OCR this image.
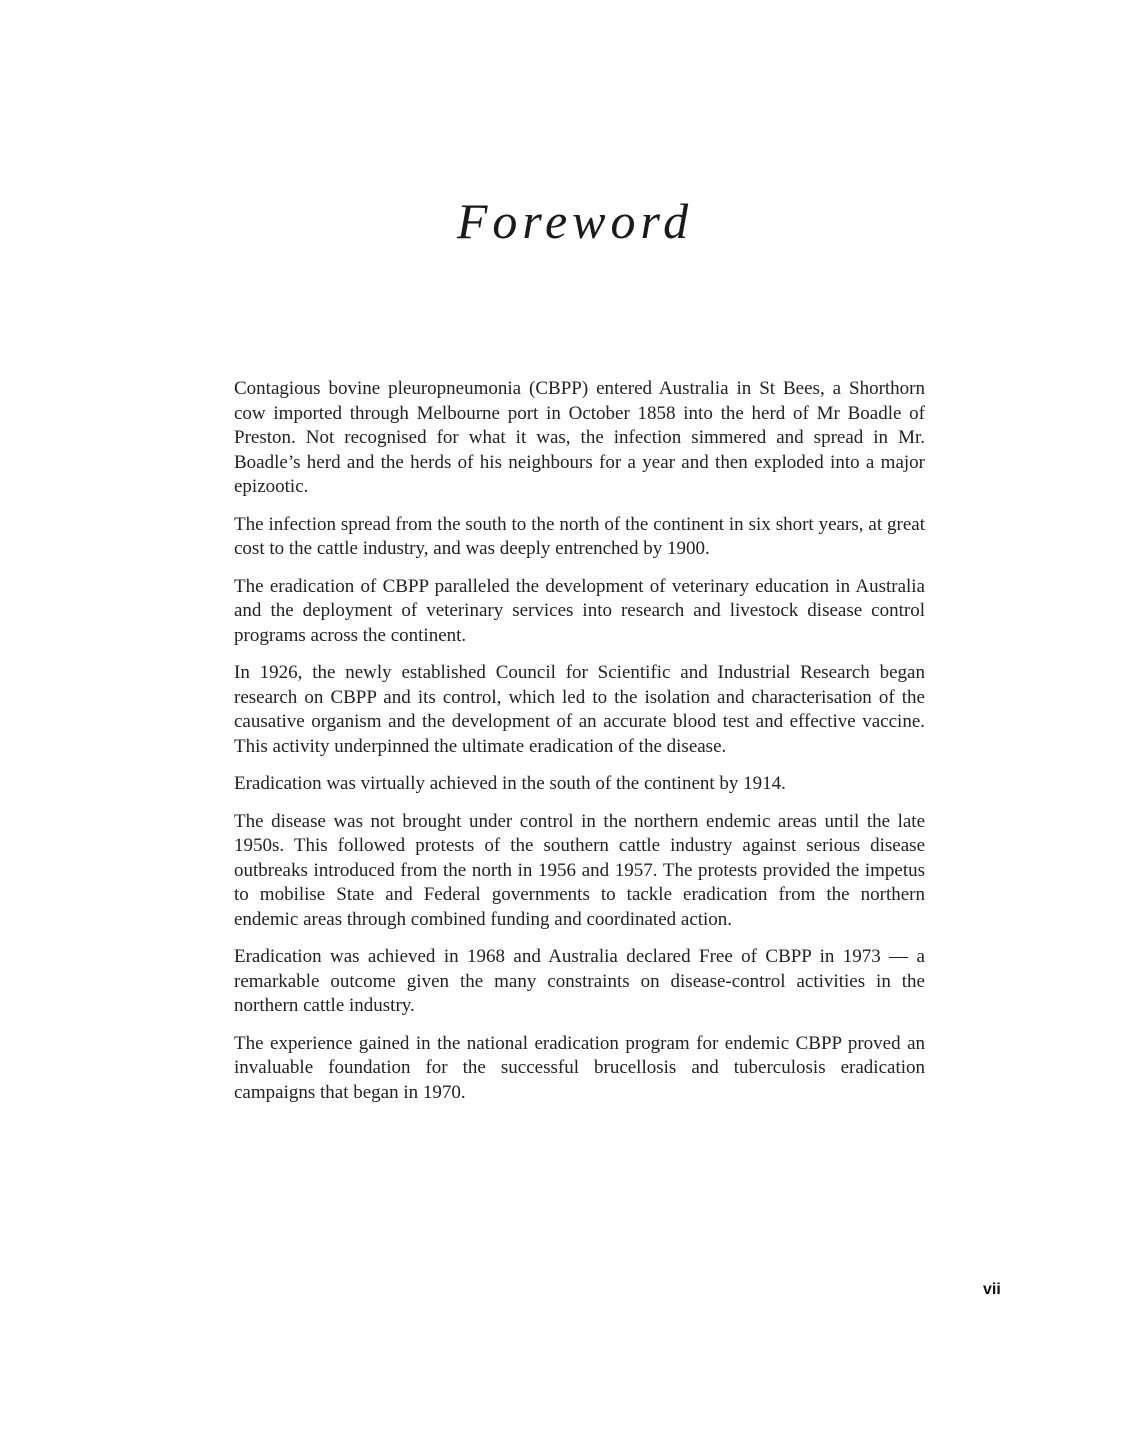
Foreword

Contagious bovine pleuropneumonia (CBPP) entered Australia in St Bees, a Shorthorn cow imported through Melbourne port in October 1858 into the herd of Mr Boadle of Preston. Not recognised for what it was, the infection simmered and spread in Mr. Boadle’s herd and the herds of his neighbours for a year and then exploded into a major epizootic.

The infection spread from the south to the north of the continent in six short years, at great cost to the cattle industry, and was deeply entrenched by 1900.

The eradication of CBPP paralleled the development of veterinary education in Australia and the deployment of veterinary services into research and livestock disease control programs across the continent.

In 1926, the newly established Council for Scientific and Industrial Research began research on CBPP and its control, which led to the isolation and characterisation of the causative organism and the development of an accurate blood test and effective vaccine. This activity underpinned the ultimate eradication of the disease.

Eradication was virtually achieved in the south of the continent by 1914.

The disease was not brought under control in the northern endemic areas until the late 1950s. This followed protests of the southern cattle industry against serious disease outbreaks introduced from the north in 1956 and 1957. The protests provided the impetus to mobilise State and Federal governments to tackle eradication from the northern endemic areas through combined funding and coordinated action.

Eradication was achieved in 1968 and Australia declared Free of CBPP in 1973 — a remarkable outcome given the many constraints on disease-control activities in the northern cattle industry.

The experience gained in the national eradication program for endemic CBPP proved an invaluable foundation for the successful brucellosis and tuberculosis eradication campaigns that began in 1970.

vii
